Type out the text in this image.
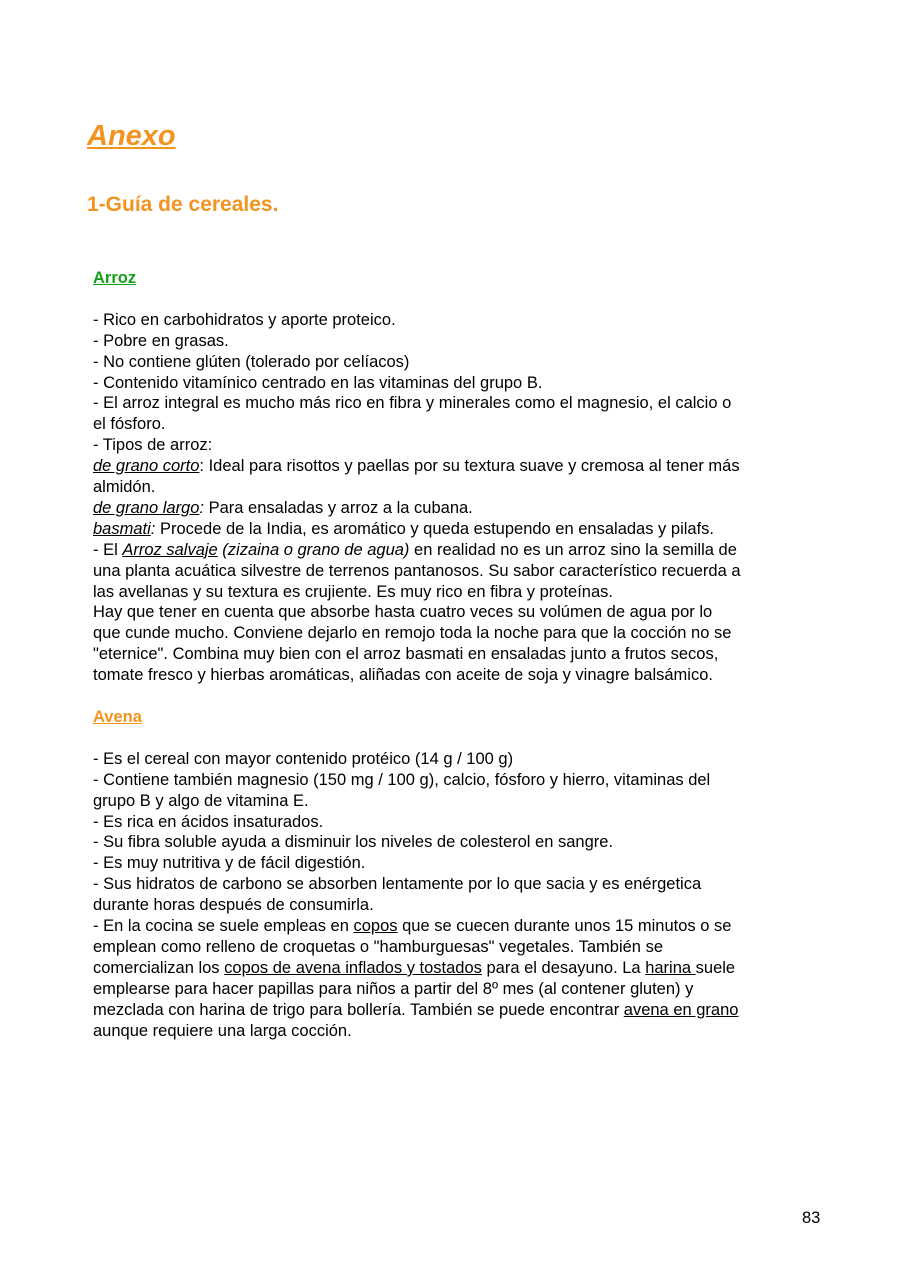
Anexo
1-Guía de cereales.

Arroz

- Rico en carbohidratos y aporte proteico.

- Pobre en grasas.

- No contiene glúten (tolerado por celíacos)

- Contenido vitamínico centrado en las vitaminas del grupo B.

- El arroz integral es mucho más rico en fibra y minerales como el magnesio, el calcio o

el fósforo.

- Tipos de arroz:

de grano corto: Ideal para risottos y paellas por su textura suave y cremosa al tener más

almidón.

de grano largo: Para ensaladas y arroz a la cubana.

basmati: Procede de la India, es aromático y queda estupendo en ensaladas y pilafs.

- El Arroz salvaje (zizaina o grano de agua) en realidad no es un arroz sino la semilla de

una planta acuática silvestre de terrenos pantanosos. Su sabor característico recuerda a

las avellanas y su textura es crujiente. Es muy rico en fibra y proteínas.

Hay que tener en cuenta que absorbe hasta cuatro veces su volúmen de agua por lo

que cunde mucho. Conviene dejarlo en remojo toda la noche para que la cocción no se

"eternice". Combina muy bien con el arroz basmati en ensaladas junto a frutos secos,

tomate fresco y hierbas aromáticas, aliñadas con aceite de soja y vinagre balsámico.

Avena

- Es el cereal con mayor contenido protéico (14 g / 100 g)

- Contiene también magnesio (150 mg / 100 g), calcio, fósforo y hierro, vitaminas del

grupo B y algo de vitamina E.

- Es rica en ácidos insaturados.

- Su fibra soluble ayuda a disminuir los niveles de colesterol en sangre.

- Es muy nutritiva y de fácil digestión.

- Sus hidratos de carbono se absorben lentamente por lo que sacia y es enérgetica

durante horas después de consumirla.

- En la cocina se suele empleas en copos que se cuecen durante unos 15 minutos o se

emplean como relleno de croquetas o "hamburguesas" vegetales. También se

comercializan los copos de avena inflados y tostados para el desayuno. La harina suele

emplearse para hacer papillas para niños a partir del 8º mes (al contener gluten) y

mezclada con harina de trigo para bollería. También se puede encontrar avena en grano

aunque requiere una larga cocción.

83
